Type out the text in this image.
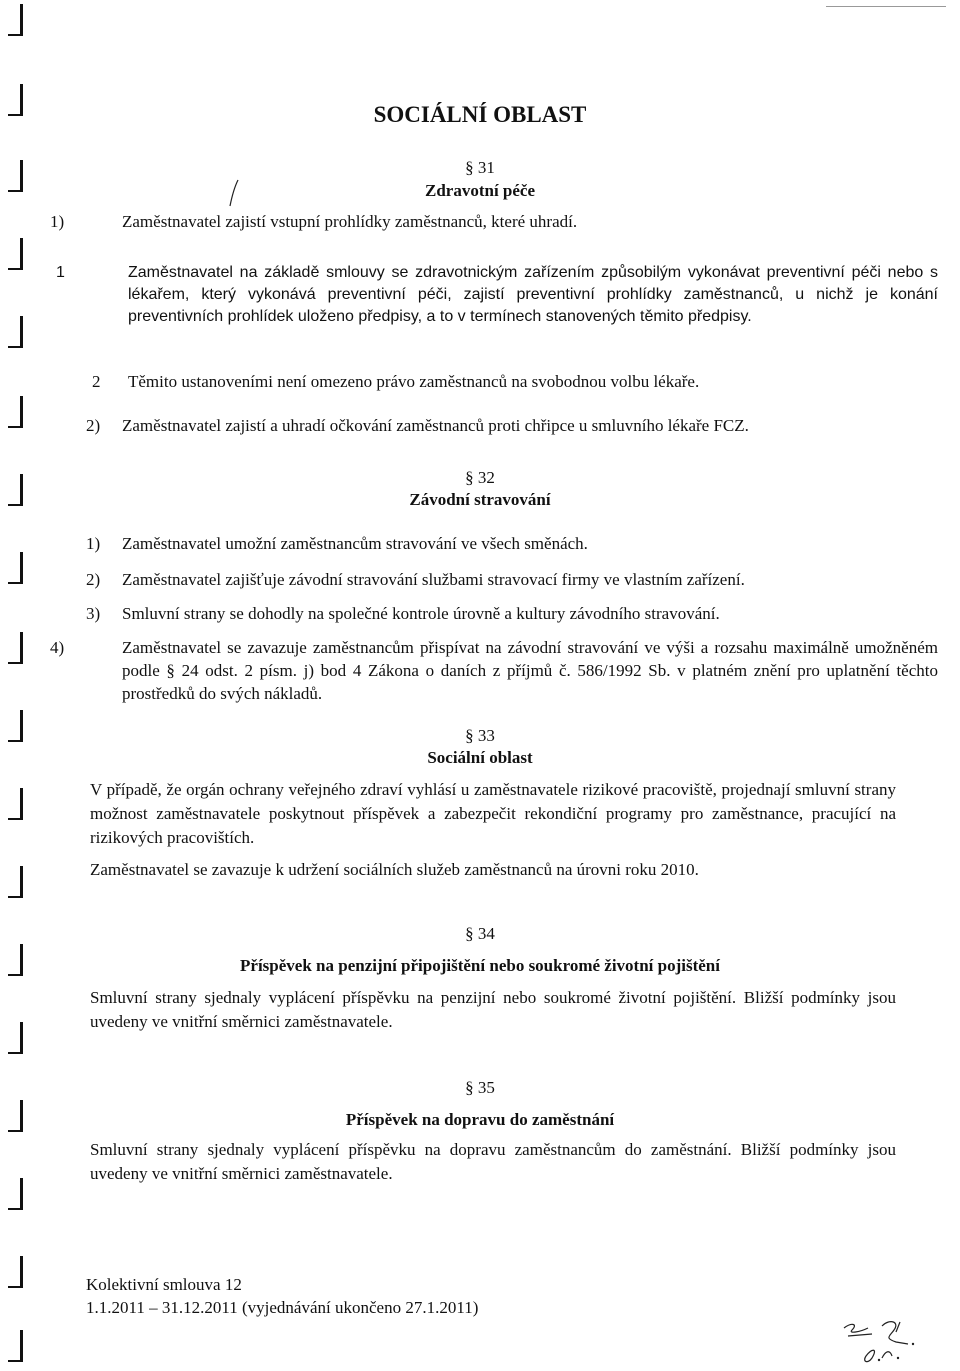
SOCIÁLNÍ OBLAST
§ 31
Zdravotní péče
1)	Zaměstnavatel zajistí vstupní prohlídky zaměstnanců, které uhradí.
1	Zaměstnavatel na základě smlouvy se zdravotnickým zařízením způsobilým vykonávat preventivní péči nebo s lékařem, který vykonává preventivní péči, zajistí preventivní prohlídky zaměstnanců, u nichž je konání preventivních prohlídek uloženo předpisy, a to v termínech stanovených těmito předpisy.
2 Těmito ustanoveními není omezeno právo zaměstnanců na svobodnou volbu lékaře.
2) Zaměstnavatel zajistí a uhradí očkování zaměstnanců proti chřipce u smluvního lékaře FCZ.
§ 32
Závodní stravování
1) Zaměstnavatel umožní zaměstnancům stravování ve všech směnách.
2) Zaměstnavatel zajišťuje závodní stravování službami stravovací firmy ve vlastním zařízení.
3) Smluvní strany se dohodly na společné kontrole úrovně a kultury závodního stravování.
4)	Zaměstnavatel se zavazuje zaměstnancům přispívat na závodní stravování ve výši a rozsahu maximálně umožněném podle § 24 odst. 2 písm. j) bod 4 Zákona o daních z příjmů č. 586/1992 Sb. v platném znění pro uplatnění těchto prostředků do svých nákladů.
§ 33
Sociální oblast
V případě, že orgán ochrany veřejného zdraví vyhlásí u zaměstnavatele rizikové pracoviště, projednají smluvní strany možnost zaměstnavatele poskytnout příspěvek a zabezpečit rekondiční programy pro zaměstnance, pracující na rizikových pracovištích.
Zaměstnavatel se zavazuje k udržení sociálních služeb zaměstnanců na úrovni roku 2010.
§ 34
Příspěvek na penzijní připojištění nebo soukromé životní pojištění
Smluvní strany sjednaly vyplácení příspěvku na penzijní nebo soukromé životní pojištění. Bližší podmínky jsou uvedeny ve vnitřní směrnici zaměstnavatele.
§ 35
Příspěvek na dopravu do zaměstnání
Smluvní strany sjednaly vyplácení příspěvku na dopravu zaměstnancům do zaměstnání. Bližší podmínky jsou uvedeny ve vnitřní směrnici zaměstnavatele.
Kolektivní smlouva 12
1.1.2011 – 31.12.2011 (vyjednávání ukončeno 27.1.2011)
